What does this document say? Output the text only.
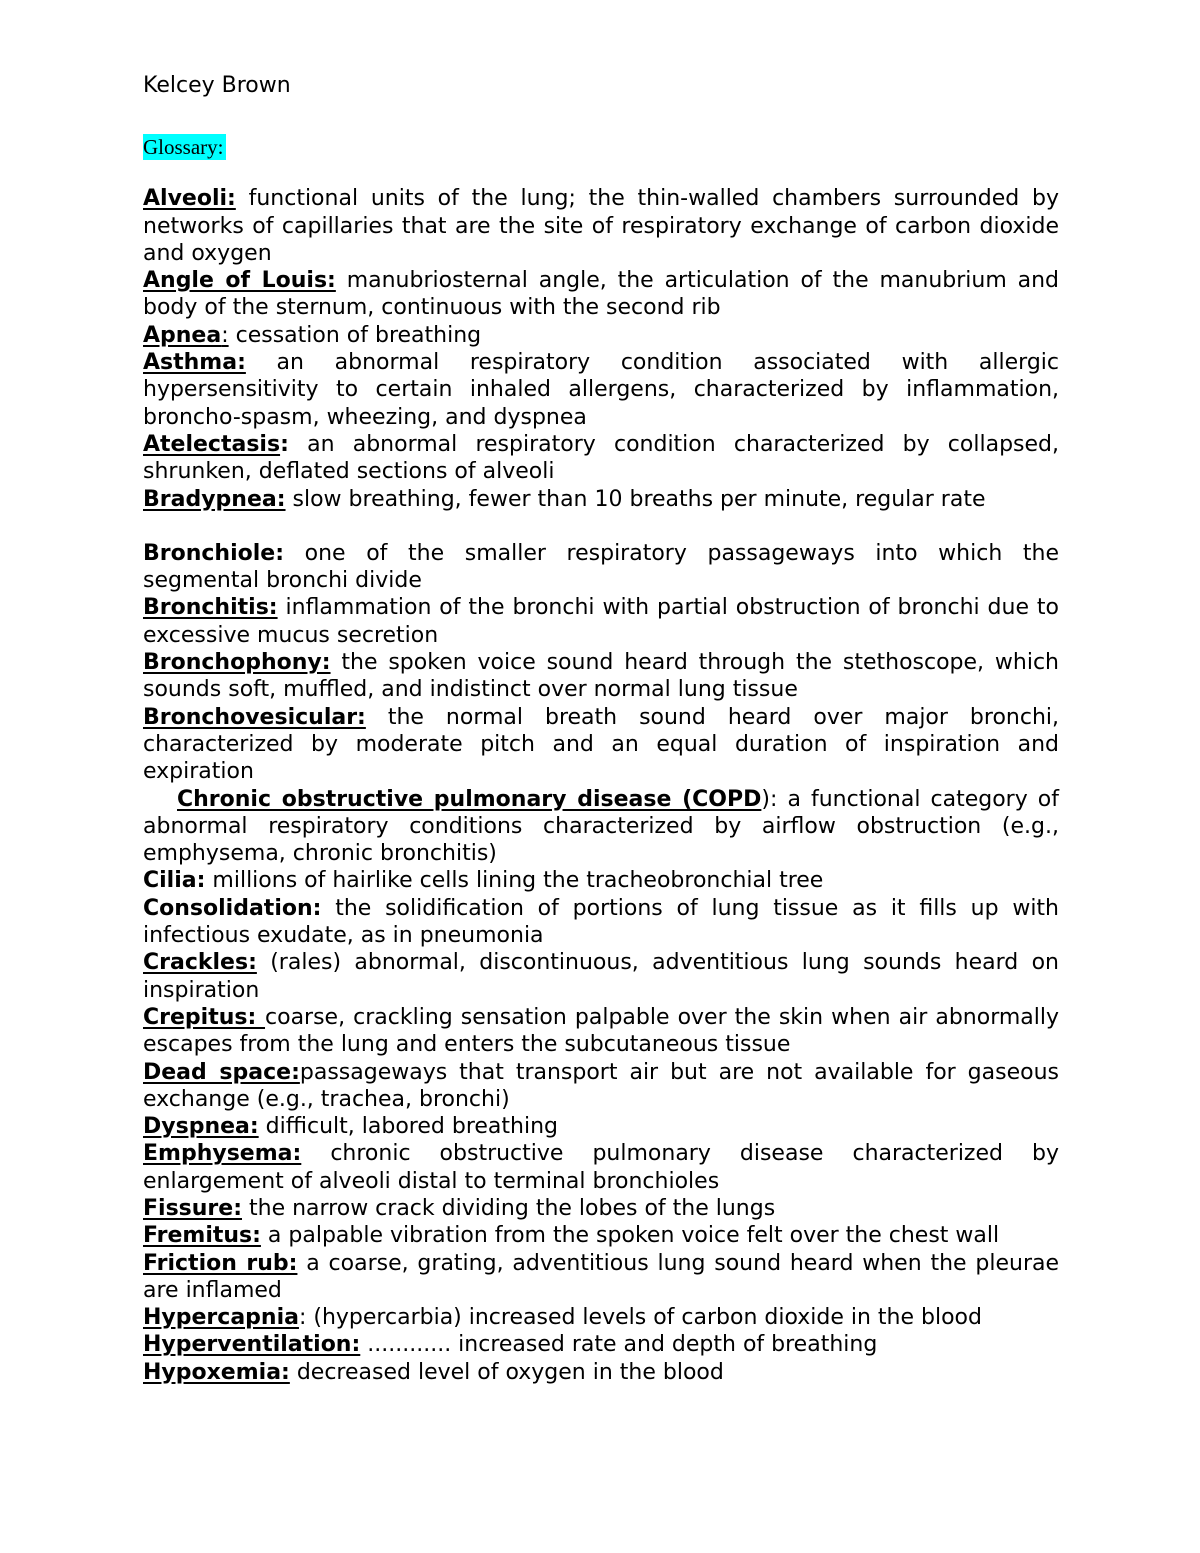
Kelcey Brown

Glossary:

Alveoli: functional units of the lung; the thin-walled chambers surrounded by networks of capillaries that are the site of respiratory exchange of carbon dioxide and oxygen

Angle of Louis: manubriosternal angle, the articulation of the manubrium and body of the sternum, continuous with the second rib

Apnea: cessation of breathing

Asthma: an abnormal respiratory condition associated with allergic hypersensitivity to certain inhaled allergens, characterized by inflammation, broncho-spasm, wheezing, and dyspnea

Atelectasis: an abnormal respiratory condition characterized by collapsed, shrunken, deflated sections of alveoli

Bradypnea: slow breathing, fewer than 10 breaths per minute, regular rate

Bronchiole: one of the smaller respiratory passageways into which the segmental bronchi divide

Bronchitis: inflammation of the bronchi with partial obstruction of bronchi due to excessive mucus secretion

Bronchophony: the spoken voice sound heard through the stethoscope, which sounds soft, muffled, and indistinct over normal lung tissue

Bronchovesicular: the normal breath sound heard over major bronchi, characterized by moderate pitch and an equal duration of inspiration and expiration

Chronic obstructive pulmonary disease (COPD): a functional category of abnormal respiratory conditions characterized by airflow obstruction (e.g., emphysema, chronic bronchitis)

Cilia: millions of hairlike cells lining the tracheobronchial tree

Consolidation: the solidification of portions of lung tissue as it fills up with infectious exudate, as in pneumonia

Crackles: (rales) abnormal, discontinuous, adventitious lung sounds heard on inspiration

Crepitus: coarse, crackling sensation palpable over the skin when air abnormally escapes from the lung and enters the subcutaneous tissue

Dead space:passageways that transport air but are not available for gaseous exchange (e.g., trachea, bronchi)

Dyspnea: difficult, labored breathing

Emphysema: chronic obstructive pulmonary disease characterized by enlargement of alveoli distal to terminal bronchioles

Fissure: the narrow crack dividing the lobes of the lungs

Fremitus: a palpable vibration from the spoken voice felt over the chest wall

Friction rub: a coarse, grating, adventitious lung sound heard when the pleurae are inflamed

Hypercapnia: (hypercarbia) increased levels of carbon dioxide in the blood

Hyperventilation: ............ increased rate and depth of breathing

Hypoxemia: decreased level of oxygen in the blood
